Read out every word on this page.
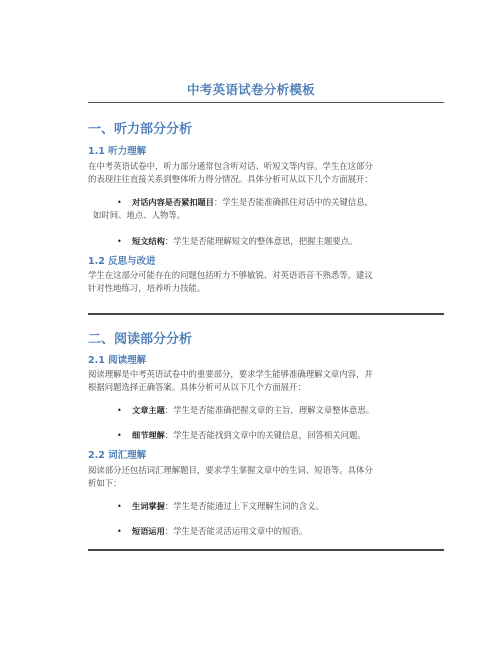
中考英语试卷分析模板
一、听力部分分析
1.1 听力理解
在中考英语试卷中，听力部分通常包含听对话、听短文等内容。学生在这部分
的表现往往直接关系到整体听力得分情况。具体分析可从以下几个方面展开：
•	对话内容是否紧扣题目：学生是否能准确抓住对话中的关键信息，
如时间、地点、人物等。
•	短文结构：学生是否能理解短文的整体意思，把握主题要点。
1.2 反思与改进
学生在这部分可能存在的问题包括听力不够敏锐、对英语语音不熟悉等。建议
针对性地练习，培养听力技能。
二、阅读部分分析
2.1 阅读理解
阅读理解是中考英语试卷中的重要部分，要求学生能够准确理解文章内容，并
根据问题选择正确答案。具体分析可从以下几个方面展开：
•	文章主题：学生是否能准确把握文章的主旨，理解文章整体意思。
•	细节理解：学生是否能找到文章中的关键信息，回答相关问题。
2.2 词汇理解
阅读部分还包括词汇理解题目，要求学生掌握文章中的生词、短语等。具体分
析如下：
•	生词掌握：学生是否能通过上下文理解生词的含义。
•	短语运用：学生是否能灵活运用文章中的短语。
